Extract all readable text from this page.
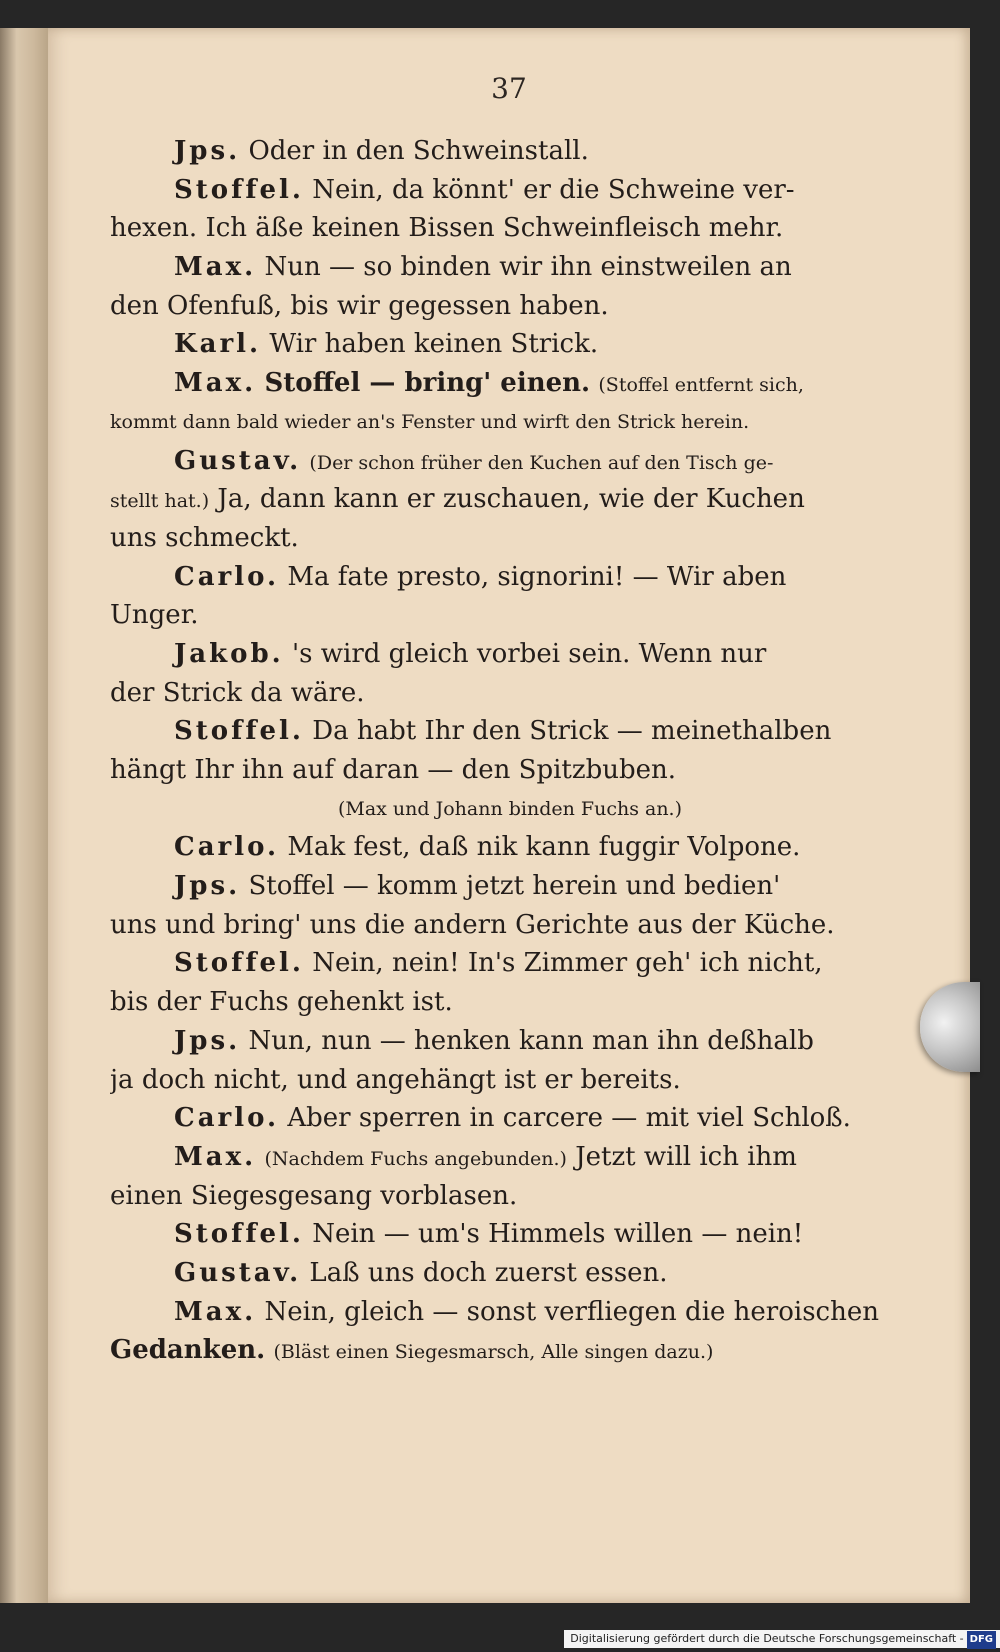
37
Jps. Oder in den Schweinstall.
Stoffel. Nein, da könnt' er die Schweine ver-
hexen. Ich äße keinen Bissen Schweinfleisch mehr.
Max. Nun — so binden wir ihn einstweilen an
den Ofenfuß, bis wir gegessen haben.
Karl. Wir haben keinen Strick.
Max. Stoffel — bring' einen. (Stoffel entfernt sich,
kommt dann bald wieder an's Fenster und wirft den Strick herein.
Gustav. (Der schon früher den Kuchen auf den Tisch ge-
stellt hat.) Ja, dann kann er zuschauen, wie der Kuchen
uns schmeckt.
Carlo. Ma fate presto, signorini! — Wir aben
Unger.
Jakob. 's wird gleich vorbei sein. Wenn nur
der Strick da wäre.
Stoffel. Da habt Ihr den Strick — meinethalben
hängt Ihr ihn auf daran — den Spitzbuben.
(Max und Johann binden Fuchs an.)
Carlo. Mak fest, daß nik kann fuggir Volpone.
Jps. Stoffel — komm jetzt herein und bedien'
uns und bring' uns die andern Gerichte aus der Küche.
Stoffel. Nein, nein! In's Zimmer geh' ich nicht,
bis der Fuchs gehenkt ist.
Jps. Nun, nun — henken kann man ihn deßhalb
ja doch nicht, und angehängt ist er bereits.
Carlo. Aber sperren in carcere — mit viel Schloß.
Max. (Nachdem Fuchs angebunden.) Jetzt will ich ihm
einen Siegesgesang vorblasen.
Stoffel. Nein — um's Himmels willen — nein!
Gustav. Laß uns doch zuerst essen.
Max. Nein, gleich — sonst verfliegen die heroischen
Gedanken. (Bläst einen Siegesmarsch, Alle singen dazu.)
Digitalisierung gefördert durch die Deutsche Forschungsgemeinschaft - DFG
